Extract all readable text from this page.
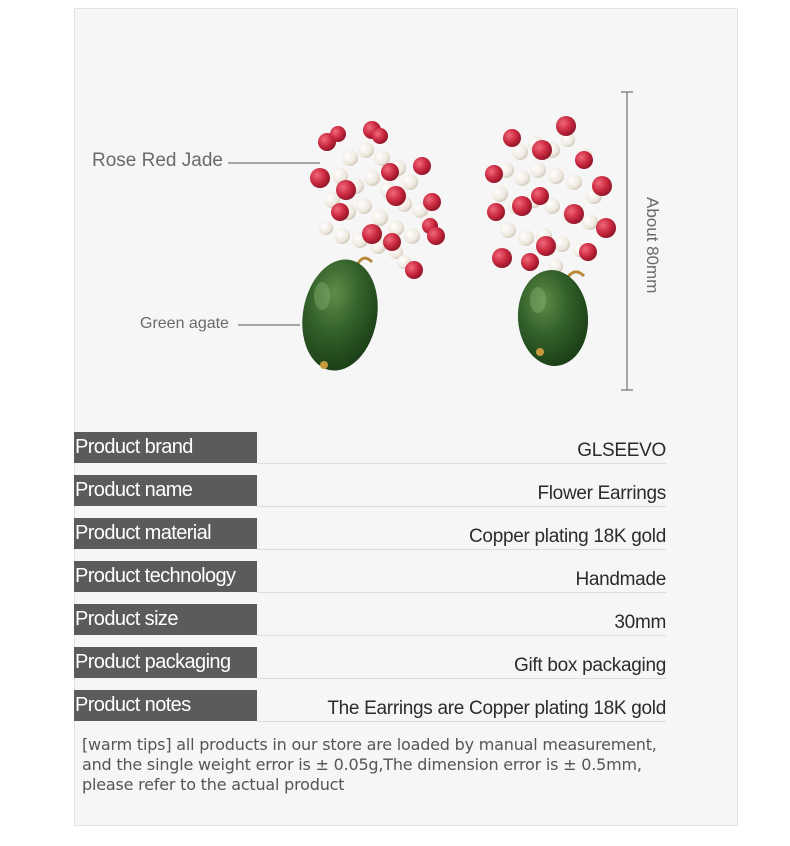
Rose Red Jade
Green agate
About 80mm
Product brand	GLSEEVO
Product name	Flower Earrings
Product material	Copper plating 18K gold
Product technology	Handmade
Product size	30mm
Product packaging	Gift box packaging
Product notes	The Earrings are Copper plating 18K gold
[warm tips] all products in our store are loaded by manual measurement,
and the single weight error is ± 0.05g,The dimension error is ± 0.5mm,
please refer to the actual product
